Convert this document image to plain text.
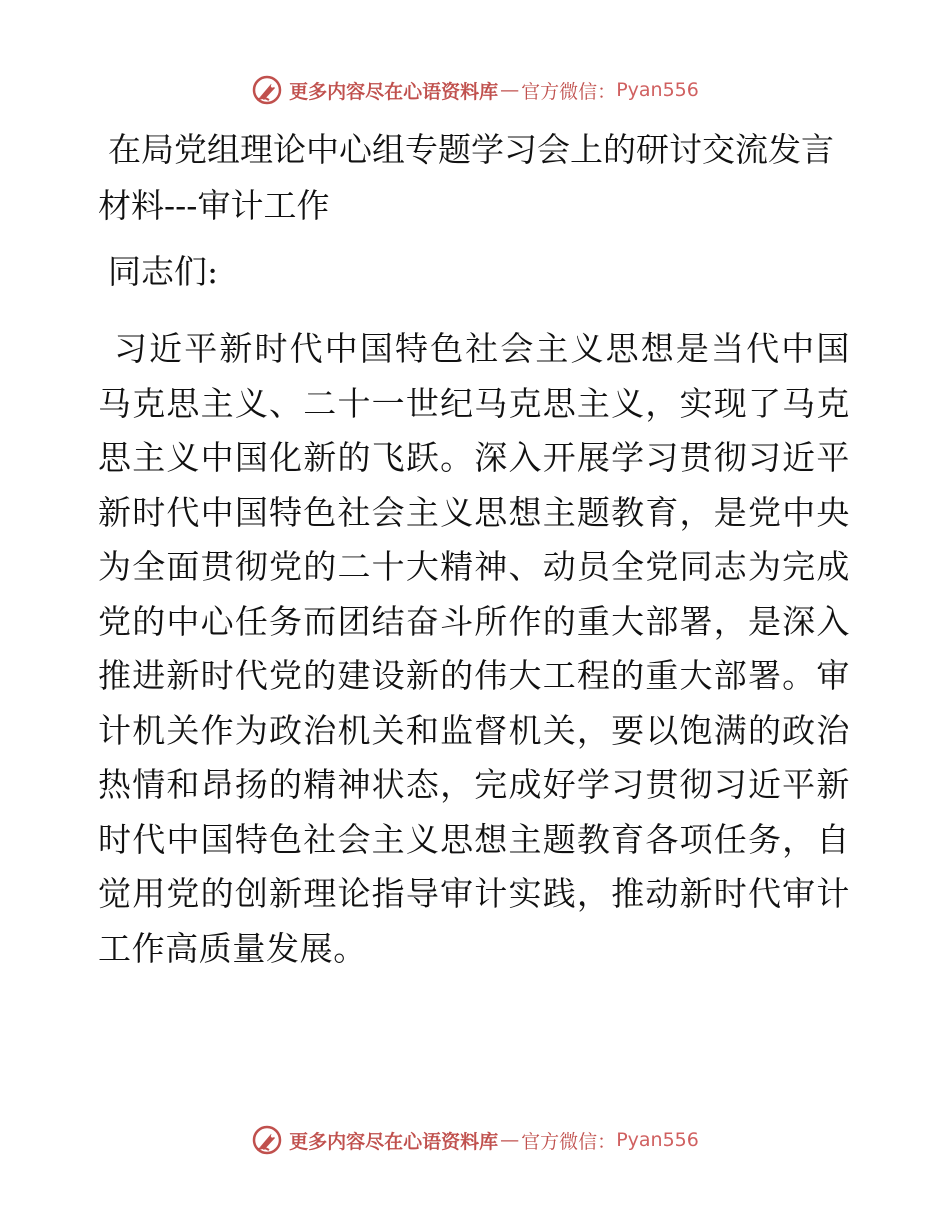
更多内容尽在心语资料库 — 官方微信： Pyan556
在局党组理论中心组专题学习会上的研讨交流发言材料---审计工作

同志们:

习近平新时代中国特色社会主义思想是当代中国马克思主义、二十一世纪马克思主义，实现了马克思主义中国化新的飞跃。深入开展学习贯彻习近平新时代中国特色社会主义思想主题教育，是党中央为全面贯彻党的二十大精神、动员全党同志为完成党的中心任务而团结奋斗所作的重大部署，是深入推进新时代党的建设新的伟大工程的重大部署。审计机关作为政治机关和监督机关，要以饱满的政治热情和昂扬的精神状态，完成好学习贯彻习近平新时代中国特色社会主义思想主题教育各项任务，自觉用党的创新理论指导审计实践，推动新时代审计工作高质量发展。

更多内容尽在心语资料库 — 官方微信： Pyan556
